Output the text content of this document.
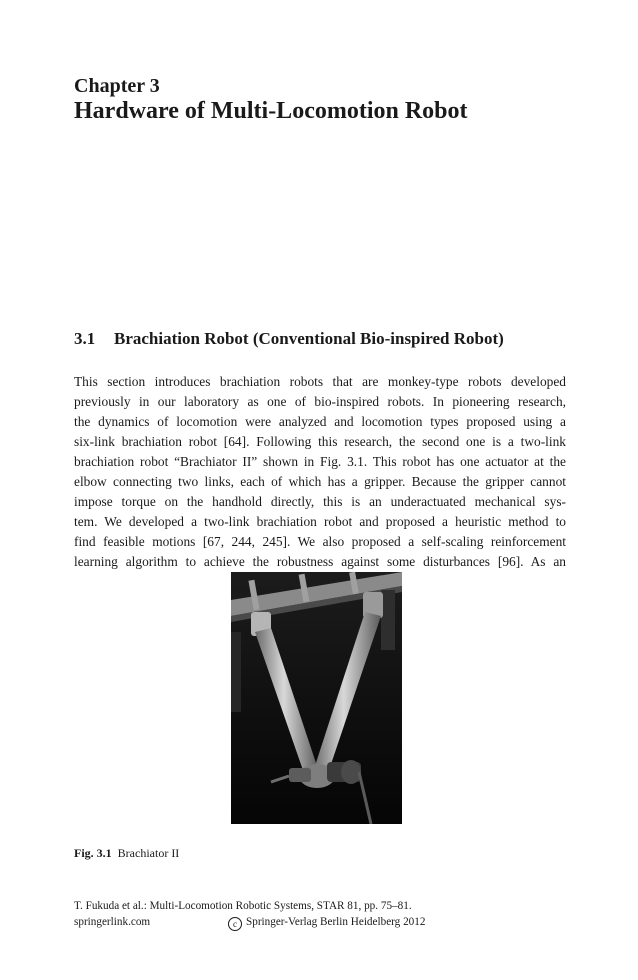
Chapter 3
Hardware of Multi-Locomotion Robot
3.1 Brachiation Robot (Conventional Bio-inspired Robot)
This section introduces brachiation robots that are monkey-type robots developed
previously in our laboratory as one of bio-inspired robots. In pioneering research,
the dynamics of locomotion were analyzed and locomotion types proposed using a
six-link brachiation robot [64]. Following this research, the second one is a two-link
brachiation robot “Brachiator II” shown in Fig. 3.1. This robot has one actuator at the
elbow connecting two links, each of which has a gripper. Because the gripper cannot
impose torque on the handhold directly, this is an underactuated mechanical sys-
tem. We developed a two-link brachiation robot and proposed a heuristic method to
find feasible motions [67, 244, 245]. We also proposed a self-scaling reinforcement
learning algorithm to achieve the robustness against some disturbances [96]. As an
Fig. 3.1 Brachiator II
T. Fukuda et al.: Multi-Locomotion Robotic Systems, STAR 81, pp. 75–81.
springerlink.com	c Springer-Verlag Berlin Heidelberg 2012
